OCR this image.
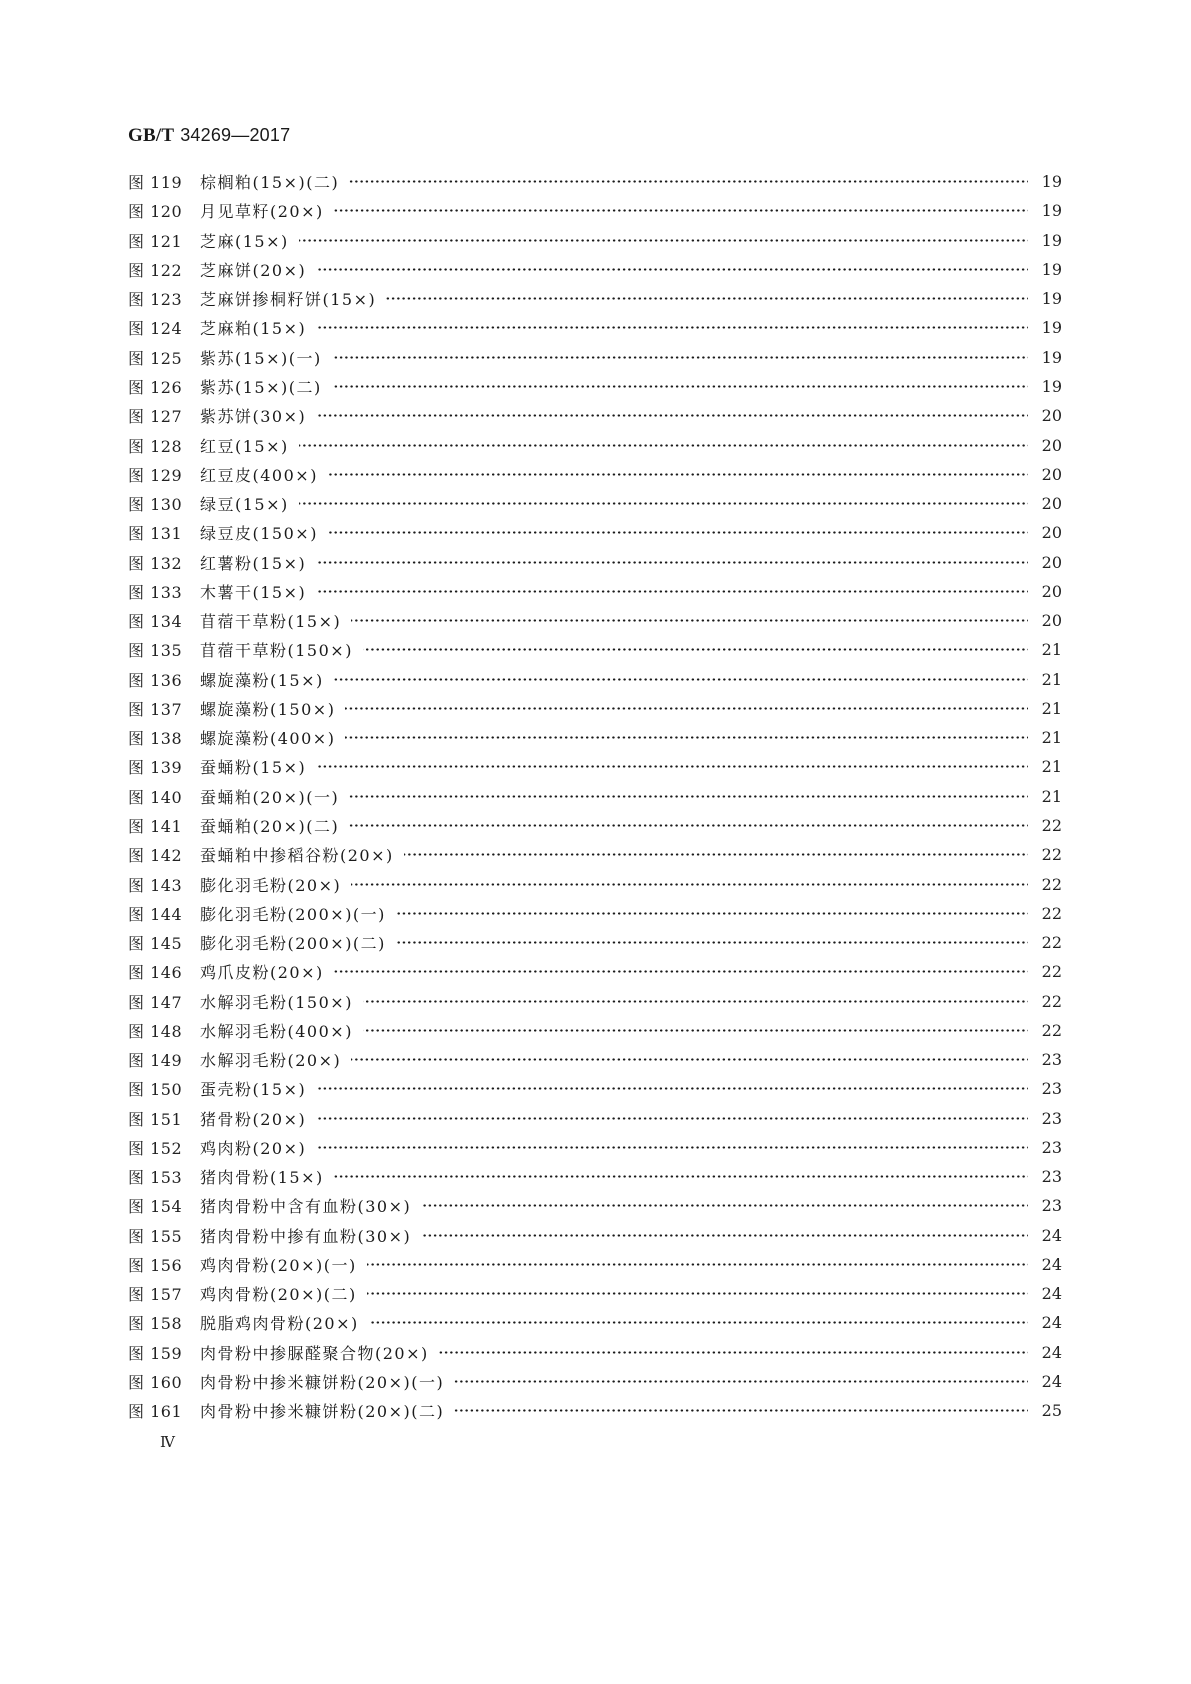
GB/T 34269—2017
图 119	棕榈粕(15×)(二)	19
图 120	月见草籽(20×)	19
图 121	芝麻(15×)	19
图 122	芝麻饼(20×)	19
图 123	芝麻饼掺桐籽饼(15×)	19
图 124	芝麻粕(15×)	19
图 125	紫苏(15×)(一)	19
图 126	紫苏(15×)(二)	19
图 127	紫苏饼(30×)	20
图 128	红豆(15×)	20
图 129	红豆皮(400×)	20
图 130	绿豆(15×)	20
图 131	绿豆皮(150×)	20
图 132	红薯粉(15×)	20
图 133	木薯干(15×)	20
图 134	苜蓿干草粉(15×)	20
图 135	苜蓿干草粉(150×)	21
图 136	螺旋藻粉(15×)	21
图 137	螺旋藻粉(150×)	21
图 138	螺旋藻粉(400×)	21
图 139	蚕蛹粉(15×)	21
图 140	蚕蛹粕(20×)(一)	21
图 141	蚕蛹粕(20×)(二)	22
图 142	蚕蛹粕中掺稻谷粉(20×)	22
图 143	膨化羽毛粉(20×)	22
图 144	膨化羽毛粉(200×)(一)	22
图 145	膨化羽毛粉(200×)(二)	22
图 146	鸡爪皮粉(20×)	22
图 147	水解羽毛粉(150×)	22
图 148	水解羽毛粉(400×)	22
图 149	水解羽毛粉(20×)	23
图 150	蛋壳粉(15×)	23
图 151	猪骨粉(20×)	23
图 152	鸡肉粉(20×)	23
图 153	猪肉骨粉(15×)	23
图 154	猪肉骨粉中含有血粉(30×)	23
图 155	猪肉骨粉中掺有血粉(30×)	24
图 156	鸡肉骨粉(20×)(一)	24
图 157	鸡肉骨粉(20×)(二)	24
图 158	脱脂鸡肉骨粉(20×)	24
图 159	肉骨粉中掺脲醛聚合物(20×)	24
图 160	肉骨粉中掺米糠饼粉(20×)(一)	24
图 161	肉骨粉中掺米糠饼粉(20×)(二)	25
Ⅳ
